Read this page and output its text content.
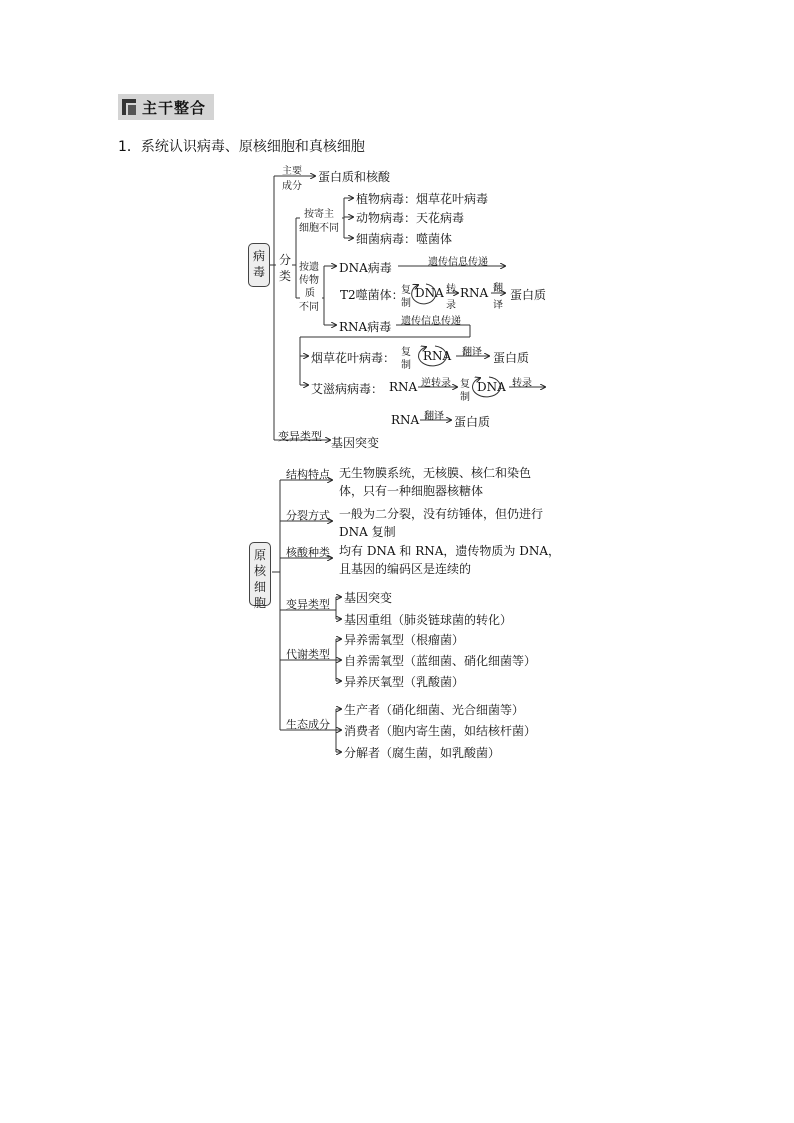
主干整合
1．系统认识病毒、原核细胞和真核细胞
病毒
主要
成分
蛋白质和核酸
分
类
按寄主
细胞不同
植物病毒：烟草花叶病毒
动物病毒：天花病毒
细菌病毒：噬菌体
按遗
传物
质
不同
DNA病毒	遗传信息传递
T2噬菌体：
复
制
DNA 转
录
RNA 翻
译
蛋白质
RNA病毒 遗传信息传递
烟草花叶病毒： 复
制
RNA 翻译 蛋白质
艾滋病病毒： RNA 逆转录 复
制
DNA 转录
RNA 翻译 蛋白质
变异类型 基因突变
原核细胞
结构特点 无生物膜系统，无核膜、核仁和染色
体，只有一种细胞器核糖体
分裂方式 一般为二分裂，没有纺锤体，但仍进行
DNA 复制
核酸种类 均有 DNA 和 RNA，遗传物质为 DNA，
且基因的编码区是连续的
变异类型 基因突变
基因重组（肺炎链球菌的转化）
代谢类型
异养需氧型（根瘤菌）
自养需氧型（蓝细菌、硝化细菌等）
异养厌氧型（乳酸菌）
生态成分
生产者（硝化细菌、光合细菌等）
消费者（胞内寄生菌，如结核杆菌）
分解者（腐生菌，如乳酸菌）
